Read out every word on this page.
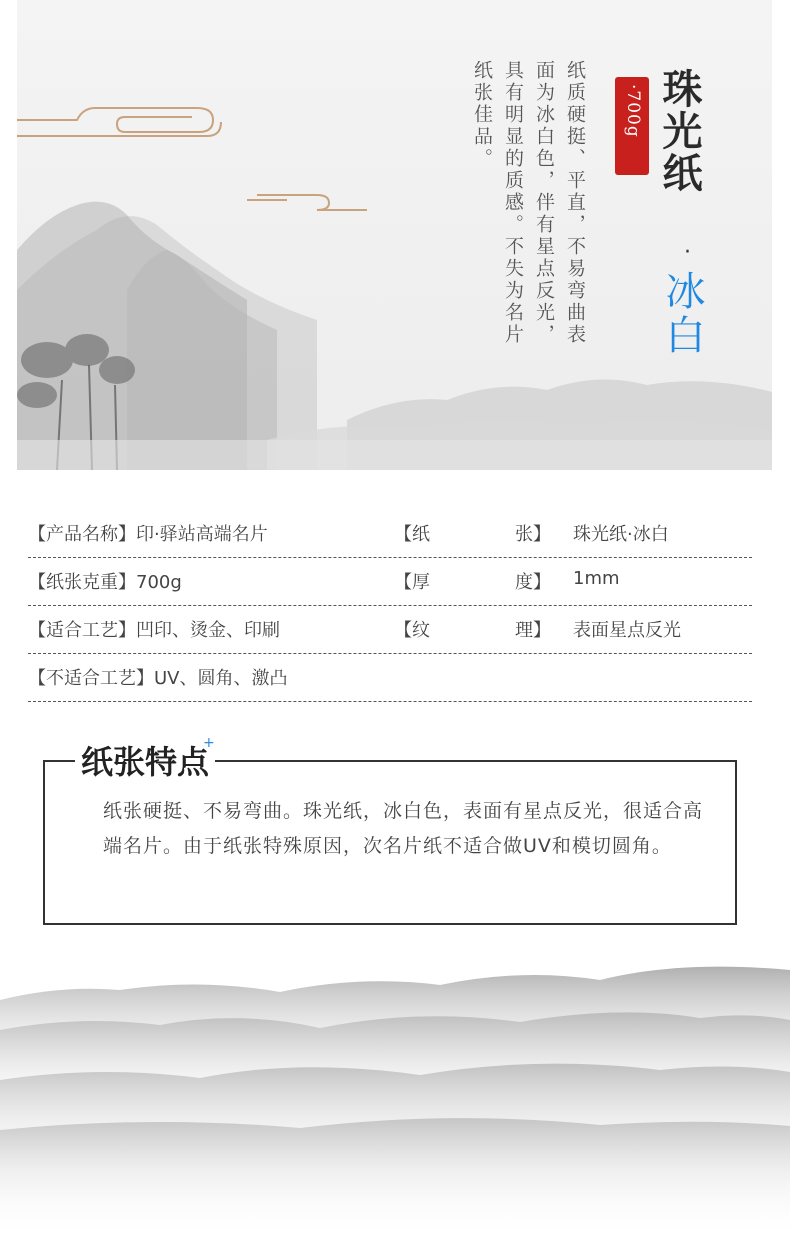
珠光纸
·
冰白
·700g
纸质硬挺、平直，不易弯曲表面为冰白色，伴有星点反光，具有明显的质感。不失为名片纸张佳品。
【产品名称】印·驿站高端名片	【纸	张】 珠光纸·冰白
【纸张克重】700g	【厚	度】 1mm
【适合工艺】凹印、烫金、印刷	【纹	理】 表面星点反光
【不适合工艺】UV、圆角、激凸
纸张特点
纸张硬挺、不易弯曲。珠光纸，冰白色，表面有星点反光，很适合高端名片。由于纸张特殊原因，次名片纸不适合做UV和模切圆角。
+
